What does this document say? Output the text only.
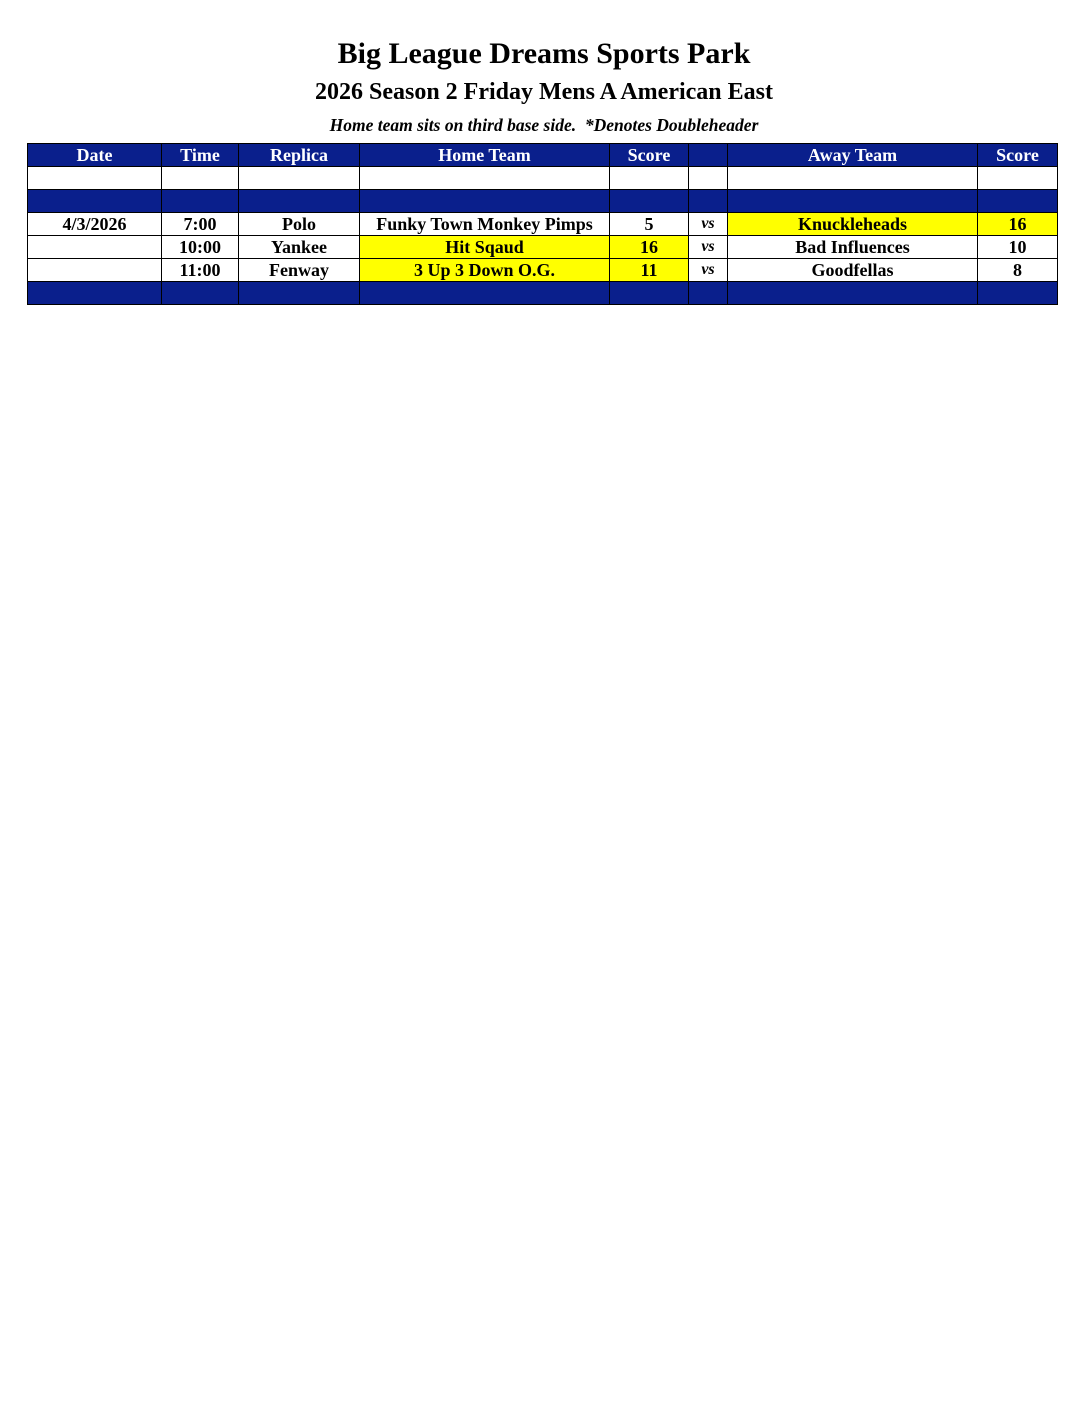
Big League Dreams Sports Park
2026 Season 2 Friday Mens A American East
Home team sits on third base side.  *Denotes Doubleheader
Date	Time	Replica	Home Team	Score		Away Team	Score

4/3/2026	7:00	Polo	Funky Town Monkey Pimps	5	vs	Knuckleheads	16
	10:00	Yankee	Hit Sqaud	16	vs	Bad Influences	10
	11:00	Fenway	3 Up 3 Down O.G.	11	vs	Goodfellas	8
